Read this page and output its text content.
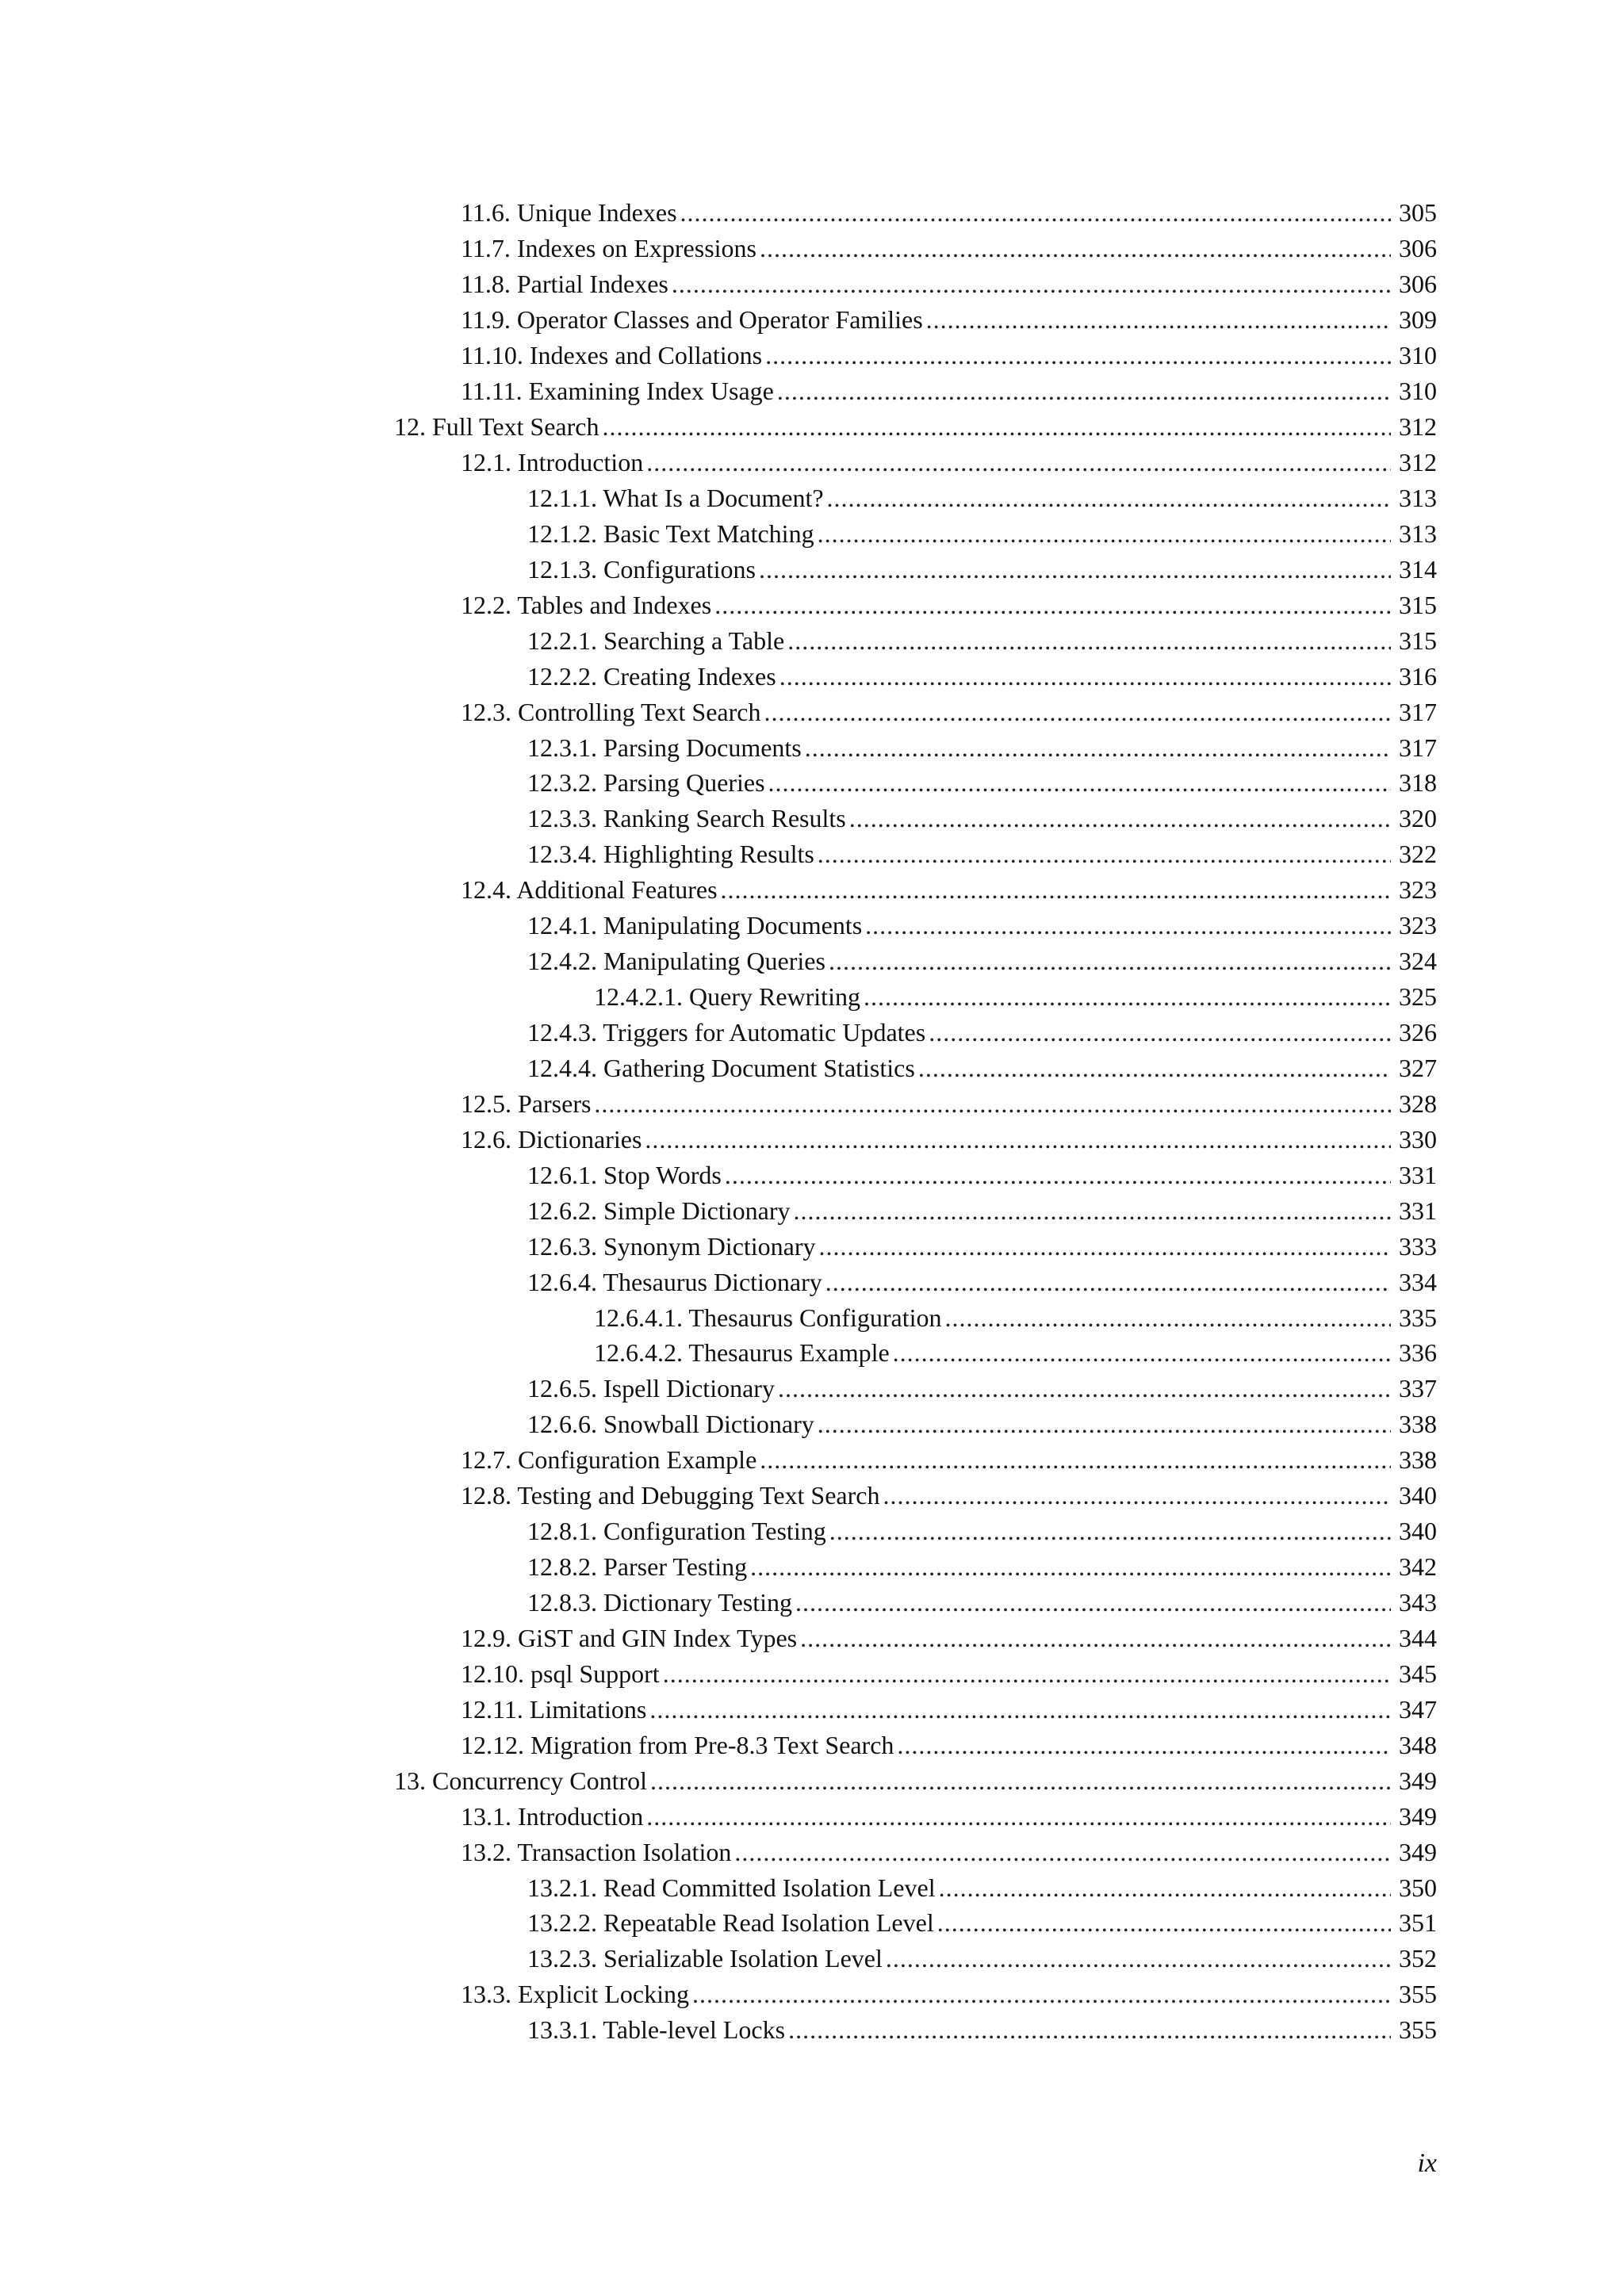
11.6. Unique Indexes .....	305
11.7. Indexes on Expressions .....	306
11.8. Partial Indexes .....	306
11.9. Operator Classes and Operator Families .....	309
11.10. Indexes and Collations .....	310
11.11. Examining Index Usage .....	310
12. Full Text Search .....	312
12.1. Introduction .....	312
12.1.1. What Is a Document? .....	313
12.1.2. Basic Text Matching .....	313
12.1.3. Configurations .....	314
12.2. Tables and Indexes .....	315
12.2.1. Searching a Table .....	315
12.2.2. Creating Indexes .....	316
12.3. Controlling Text Search .....	317
12.3.1. Parsing Documents .....	317
12.3.2. Parsing Queries .....	318
12.3.3. Ranking Search Results .....	320
12.3.4. Highlighting Results .....	322
12.4. Additional Features .....	323
12.4.1. Manipulating Documents .....	323
12.4.2. Manipulating Queries .....	324
12.4.2.1. Query Rewriting .....	325
12.4.3. Triggers for Automatic Updates .....	326
12.4.4. Gathering Document Statistics .....	327
12.5. Parsers .....	328
12.6. Dictionaries .....	330
12.6.1. Stop Words .....	331
12.6.2. Simple Dictionary .....	331
12.6.3. Synonym Dictionary .....	333
12.6.4. Thesaurus Dictionary .....	334
12.6.4.1. Thesaurus Configuration .....	335
12.6.4.2. Thesaurus Example .....	336
12.6.5. Ispell Dictionary .....	337
12.6.6. Snowball Dictionary .....	338
12.7. Configuration Example .....	338
12.8. Testing and Debugging Text Search .....	340
12.8.1. Configuration Testing .....	340
12.8.2. Parser Testing .....	342
12.8.3. Dictionary Testing .....	343
12.9. GiST and GIN Index Types .....	344
12.10. psql Support .....	345
12.11. Limitations .....	347
12.12. Migration from Pre-8.3 Text Search .....	348
13. Concurrency Control .....	349
13.1. Introduction .....	349
13.2. Transaction Isolation .....	349
13.2.1. Read Committed Isolation Level .....	350
13.2.2. Repeatable Read Isolation Level .....	351
13.2.3. Serializable Isolation Level .....	352
13.3. Explicit Locking .....	355
13.3.1. Table-level Locks .....	355
ix
